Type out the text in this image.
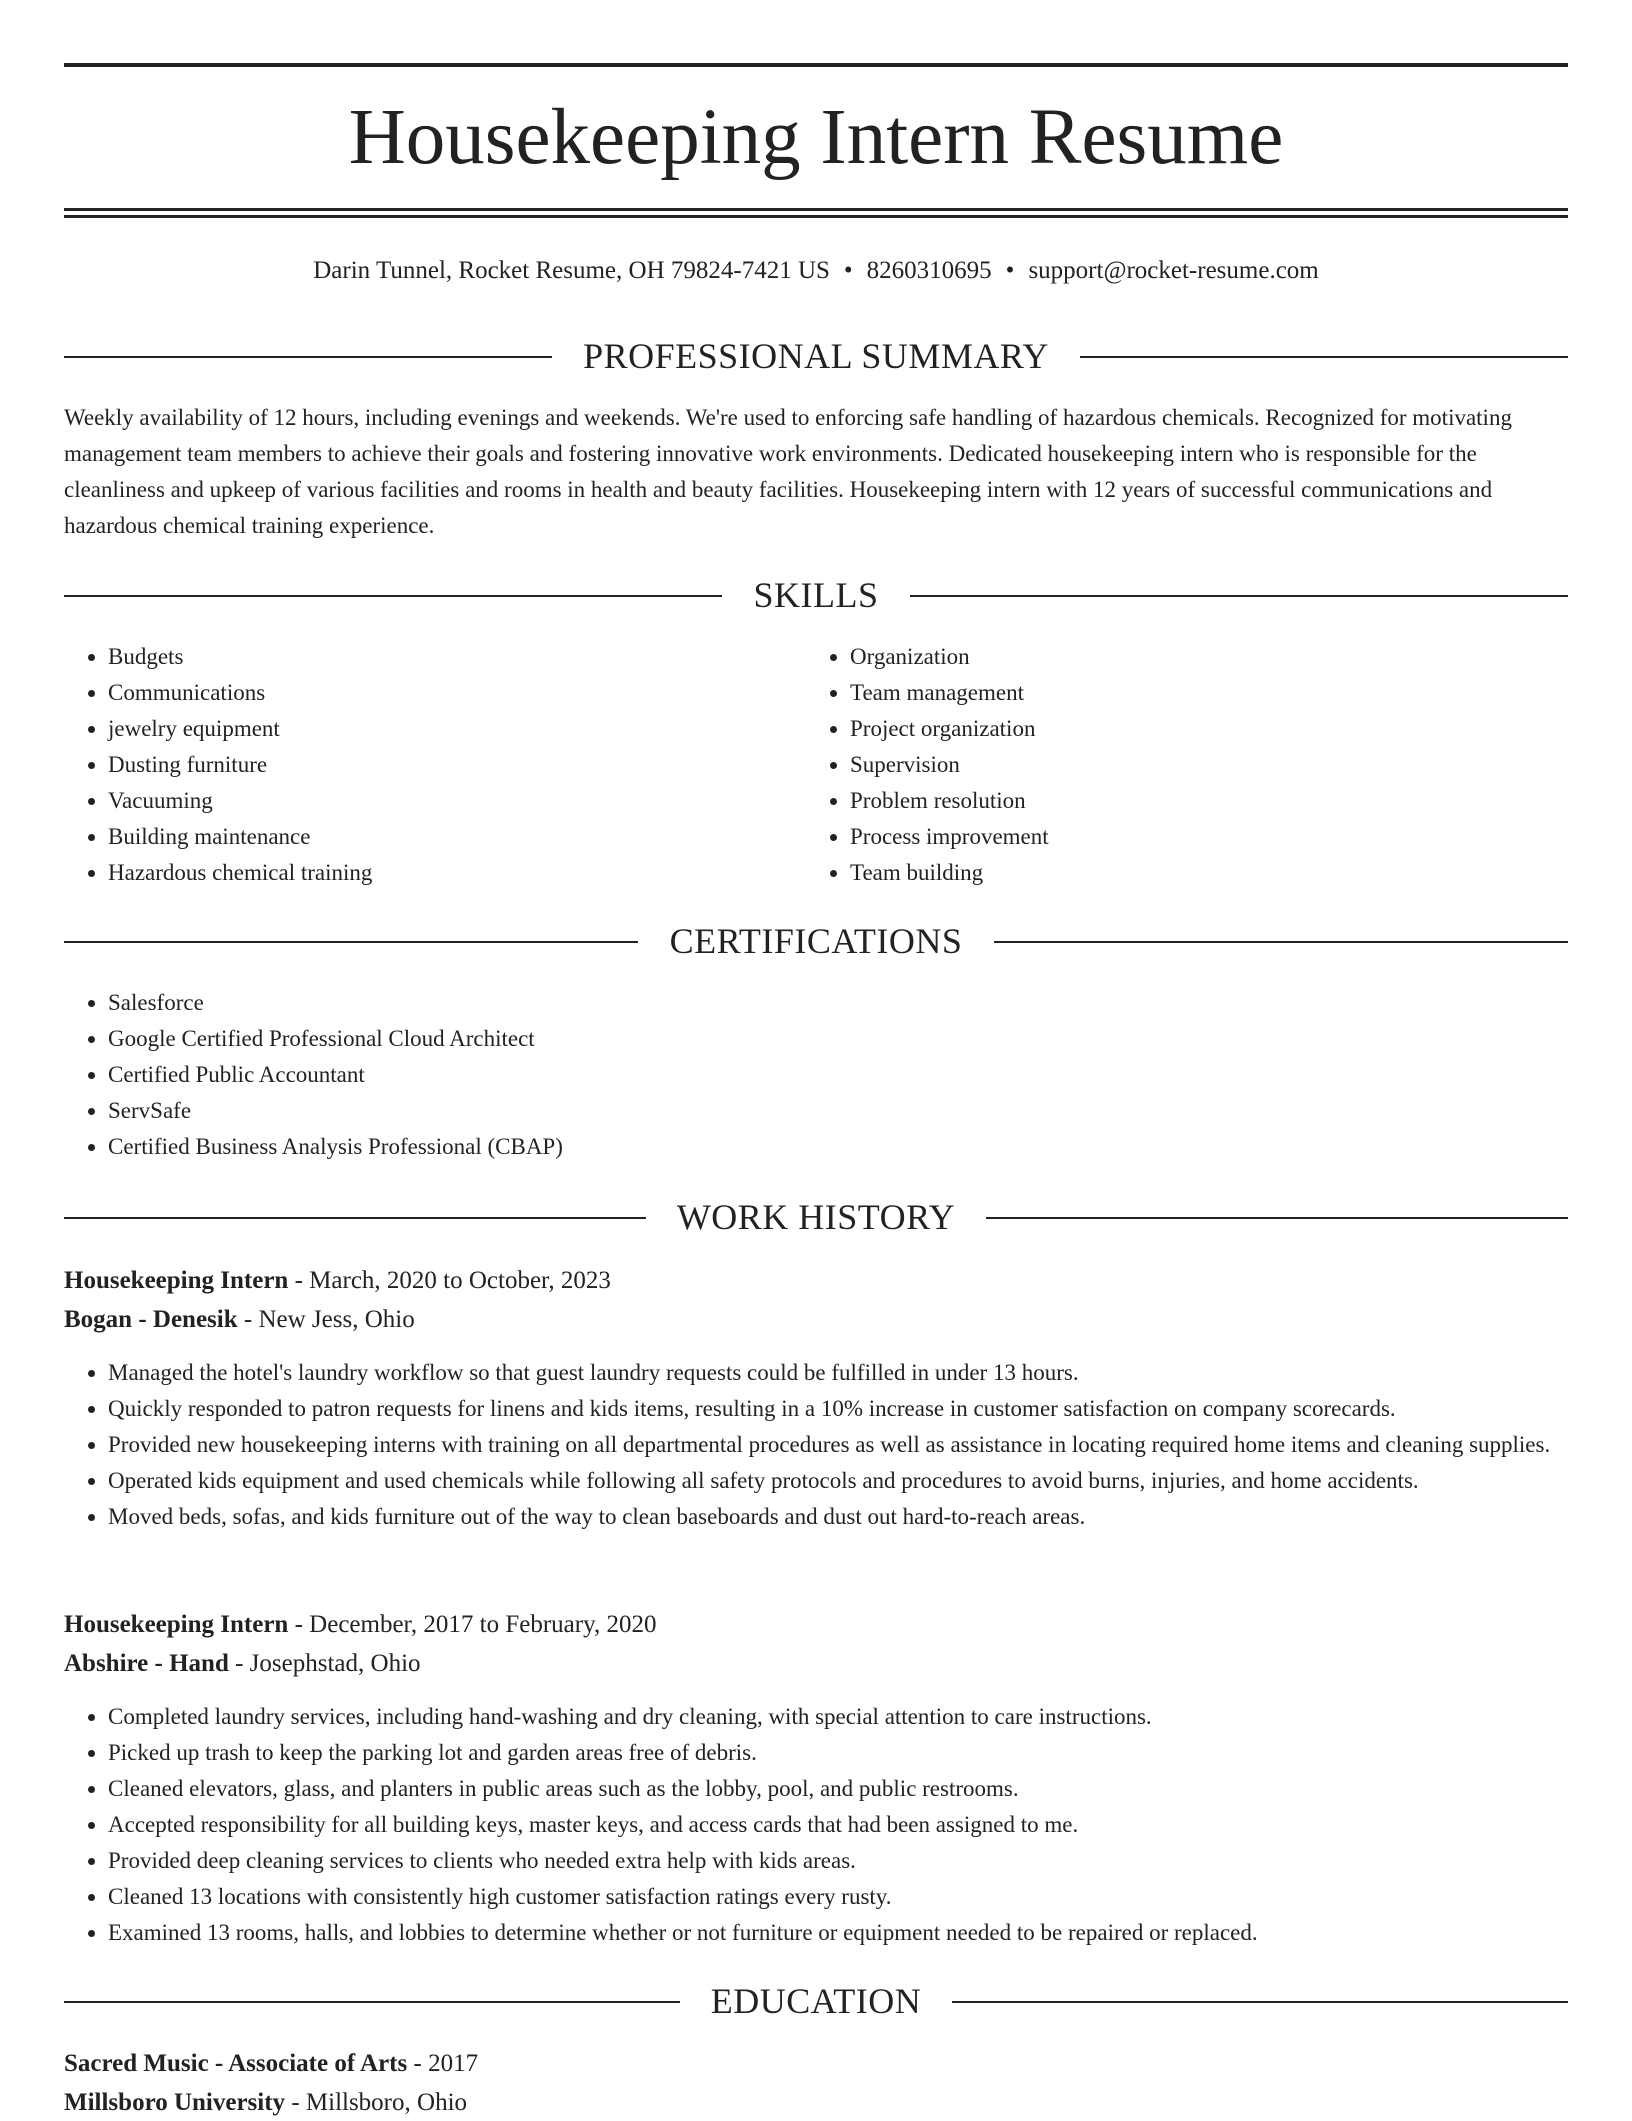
Housekeeping Intern Resume
Darin Tunnel, Rocket Resume, OH 79824-7421 US • 8260310695 • support@rocket-resume.com
PROFESSIONAL SUMMARY

Weekly availability of 12 hours, including evenings and weekends. We're used to enforcing safe handling of hazardous chemicals. Recognized for motivating management team members to achieve their goals and fostering innovative work environments. Dedicated housekeeping intern who is responsible for the cleanliness and upkeep of various facilities and rooms in health and beauty facilities. Housekeeping intern with 12 years of successful communications and hazardous chemical training experience.

SKILLS
• Budgets
• Communications
• jewelry equipment
• Dusting furniture
• Vacuuming
• Building maintenance
• Hazardous chemical training
• Organization
• Team management
• Project organization
• Supervision
• Problem resolution
• Process improvement
• Team building
CERTIFICATIONS
• Salesforce
• Google Certified Professional Cloud Architect
• Certified Public Accountant
• ServSafe
• Certified Business Analysis Professional (CBAP)
WORK HISTORY
Housekeeping Intern - March, 2020 to October, 2023
Bogan - Denesik - New Jess, Ohio
• Managed the hotel's laundry workflow so that guest laundry requests could be fulfilled in under 13 hours.
• Quickly responded to patron requests for linens and kids items, resulting in a 10% increase in customer satisfaction on company scorecards.
• Provided new housekeeping interns with training on all departmental procedures as well as assistance in locating required home items and cleaning supplies.
• Operated kids equipment and used chemicals while following all safety protocols and procedures to avoid burns, injuries, and home accidents.
• Moved beds, sofas, and kids furniture out of the way to clean baseboards and dust out hard-to-reach areas.
Housekeeping Intern - December, 2017 to February, 2020
Abshire - Hand - Josephstad, Ohio
• Completed laundry services, including hand-washing and dry cleaning, with special attention to care instructions.
• Picked up trash to keep the parking lot and garden areas free of debris.
• Cleaned elevators, glass, and planters in public areas such as the lobby, pool, and public restrooms.
• Accepted responsibility for all building keys, master keys, and access cards that had been assigned to me.
• Provided deep cleaning services to clients who needed extra help with kids areas.
• Cleaned 13 locations with consistently high customer satisfaction ratings every rusty.
• Examined 13 rooms, halls, and lobbies to determine whether or not furniture or equipment needed to be repaired or replaced.
EDUCATION
Sacred Music - Associate of Arts - 2017
Millsboro University - Millsboro, Ohio
